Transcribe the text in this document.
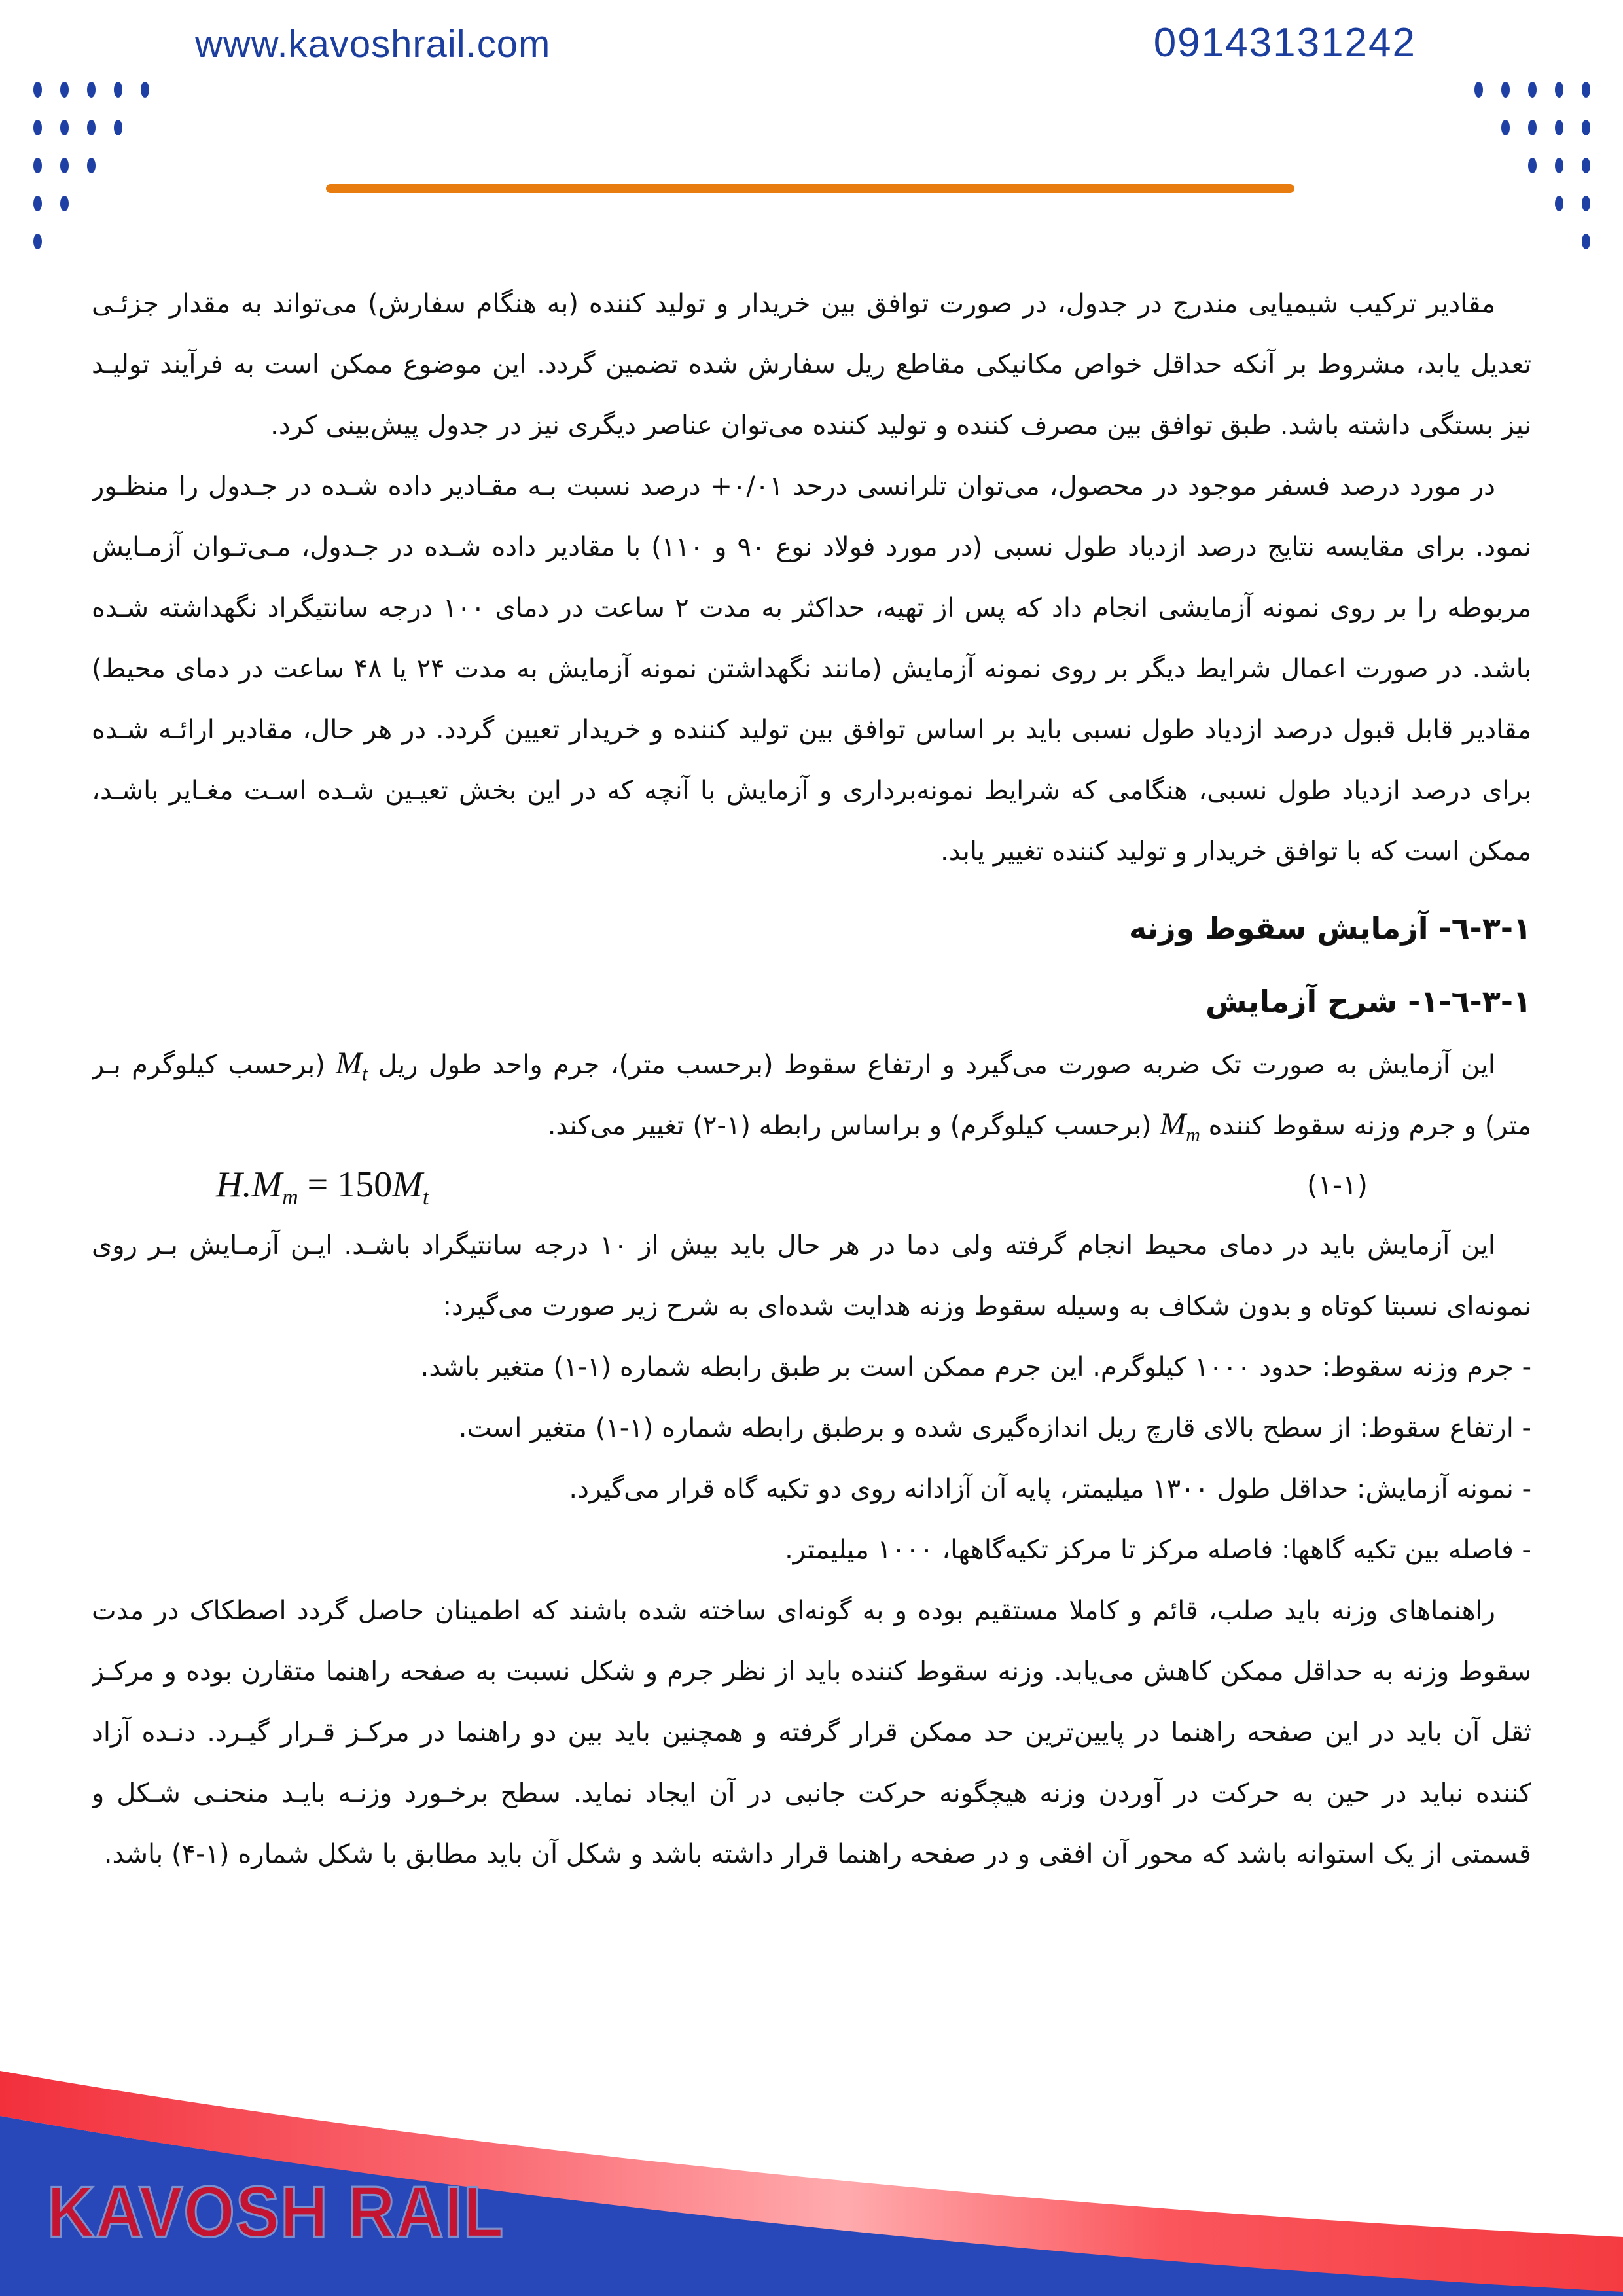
www.kavoshrail.com	09143131242
مقادیر ترکیب شیمیایی مندرج در جدول، در صورت توافق بین خریدار و تولید کننده (به هنگام سفارش) می‌تواند به مقدار جزئـی
تعدیل یابد، مشروط بر آنکه حداقل خواص مکانیکی مقاطع ریل سفارش شده تضمین گردد. این موضوع ممکن است به فرآیند تولیـد
نیز بستگی داشته باشد. طبق توافق بین مصرف کننده و تولید کننده می‌توان عناصر دیگری نیز در جدول پیش‌بینی کرد.
در مورد درصد فسفر موجود در محصول، می‌توان تلرانسی درحد ۰/۰۱+ درصد نسبت بـه مقـادیر داده شـده در جـدول را منظـور
نمود. برای مقایسه نتایج درصد ازدیاد طول نسبی (در مورد فولاد نوع ۹۰ و ۱۱۰) با مقادیر داده شـده در جـدول، مـی‌تـوان آزمـایش
مربوطه را بر روی نمونه آزمایشی انجام داد که پس از تهیه، حداکثر به مدت ۲ ساعت در دمای ۱۰۰ درجه سانتیگراد نگهداشته شـده
باشد. در صورت اعمال شرایط دیگر بر روی نمونه آزمایش (مانند نگهداشتن نمونه آزمایش به مدت ۲۴ یا ۴۸ ساعت در دمای محیط)
مقادیر قابل قبول درصد ازدیاد طول نسبی باید بر اساس توافق بین تولید کننده و خریدار تعیین گردد. در هر حال، مقادیر ارائـه شـده
برای درصد ازدیاد طول نسبی، هنگامی که شرایط نمونه‌برداری و آزمایش با آنچه که در این بخش تعیـین شـده اسـت مغـایر باشـد،
ممکن است که با توافق خریدار و تولید کننده تغییر یابد.
١-٣-٦- آزمایش سقوط وزنه
١-٣-٦-١- شرح آزمایش
این آزمایش به صورت تک ضربه صورت می‌گیرد و ارتفاع سقوط (برحسب متر)، جرم واحد طول ریل $M_t$ (برحسب کیلوگرم بـر
متر) و جرم وزنه سقوط کننده $M_m$ (برحسب کیلوگرم) و براساس رابطه (١-٢) تغییر می‌کند.
$H.M_m = 150M_t$	(١-١)
این آزمایش باید در دمای محیط انجام گرفته ولی دما در هر حال باید بیش از ۱۰ درجه سانتیگراد باشـد. ایـن آزمـایش بـر روی
نمونه‌ای نسبتا کوتاه و بدون شکاف به وسیله سقوط وزنه هدایت شده‌ای به شرح زیر صورت می‌گیرد:
- جرم وزنه سقوط: حدود ۱۰۰۰ کیلوگرم. این جرم ممکن است بر طبق رابطه شماره (١-١) متغیر باشد.
- ارتفاع سقوط: از سطح بالای قارچ ریل اندازه‌گیری شده و برطبق رابطه شماره (١-١) متغیر است.
- نمونه آزمایش: حداقل طول ۱۳۰۰ میلیمتر، پایه آن آزادانه روی دو تکیه گاه قرار می‌گیرد.
- فاصله بین تکیه گاهها: فاصله مرکز تا مرکز تکیه‌گاهها، ۱۰۰۰ میلیمتر.
راهنماهای وزنه باید صلب، قائم و کاملا مستقیم بوده و به گونه‌ای ساخته شده باشند که اطمینان حاصل گردد اصطکاک در مدت
سقوط وزنه به حداقل ممکن کاهش می‌یابد. وزنه سقوط کننده باید از نظر جرم و شکل نسبت به صفحه راهنما متقارن بوده و مرکـز
ثقل آن باید در این صفحه راهنما در پایین‌ترین حد ممکن قرار گرفته و همچنین باید بین دو راهنما در مرکـز قـرار گیـرد. دنـده آزاد
کننده نباید در حین به حرکت در آوردن وزنه هیچگونه حرکت جانبی در آن ایجاد نماید. سطح برخـورد وزنـه بایـد منحنـی شـکل و
قسمتی از یک استوانه باشد که محور آن افقی و در صفحه راهنما قرار داشته باشد و شکل آن باید مطابق با شکل شماره (١-۴) باشد.
KAVOSH RAIL
